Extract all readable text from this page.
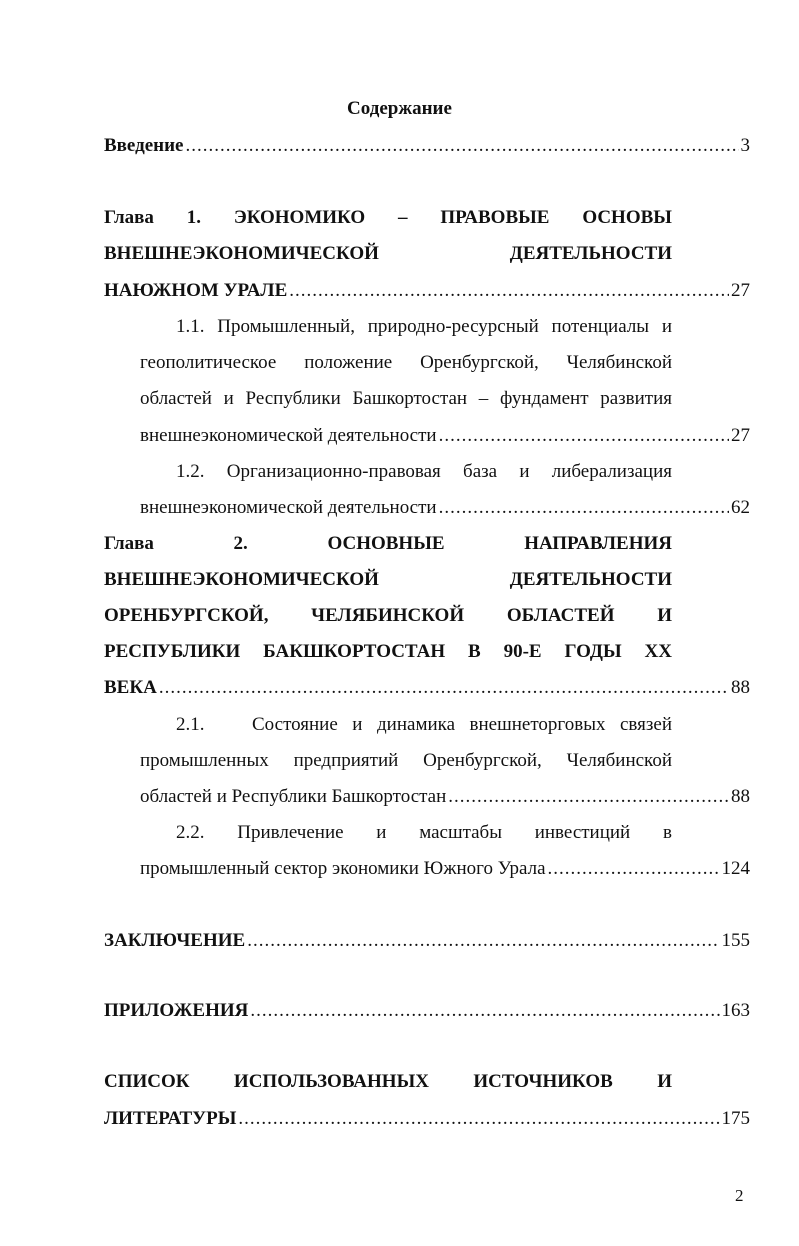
Содержание
Введение .....	3
Глава 1. ЭКОНОМИКО – ПРАВОВЫЕ ОСНОВЫ
ВНЕШНЕЭКОНОМИЧЕСКОЙ	ДЕЯТЕЛЬНОСТИ
НАЮЖНОМ УРАЛЕ .....	27
1.1. Промышленный, природно-ресурсный потенциалы и
геополитическое положение Оренбургской, Челябинской
областей и Республики Башкортостан – фундамент развития
внешнеэкономической деятельности .....	27
1.2. Организационно-правовая база и либерализация
внешнеэкономической деятельности .....	62
Глава	2.	ОСНОВНЫЕ	НАПРАВЛЕНИЯ
ВНЕШНЕЭКОНОМИЧЕСКОЙ	ДЕЯТЕЛЬНОСТИ
ОРЕНБУРГСКОЙ, ЧЕЛЯБИНСКОЙ ОБЛАСТЕЙ И
РЕСПУБЛИКИ БАКШКОРТОСТАН В 90-Е ГОДЫ XX
ВЕКА .....	88
2.1.	Состояние и динамика внешнеторговых связей
промышленных предприятий Оренбургской, Челябинской
областей и Республики Башкортостан .....	88
2.2. Привлечение и масштабы инвестиций в
промышленный сектор экономики Южного Урала .....	124
ЗАКЛЮЧЕНИЕ .....	155
ПРИЛОЖЕНИЯ .....	163
СПИСОК ИСПОЛЬЗОВАННЫХ ИСТОЧНИКОВ И
ЛИТЕРАТУРЫ .....	175
2
